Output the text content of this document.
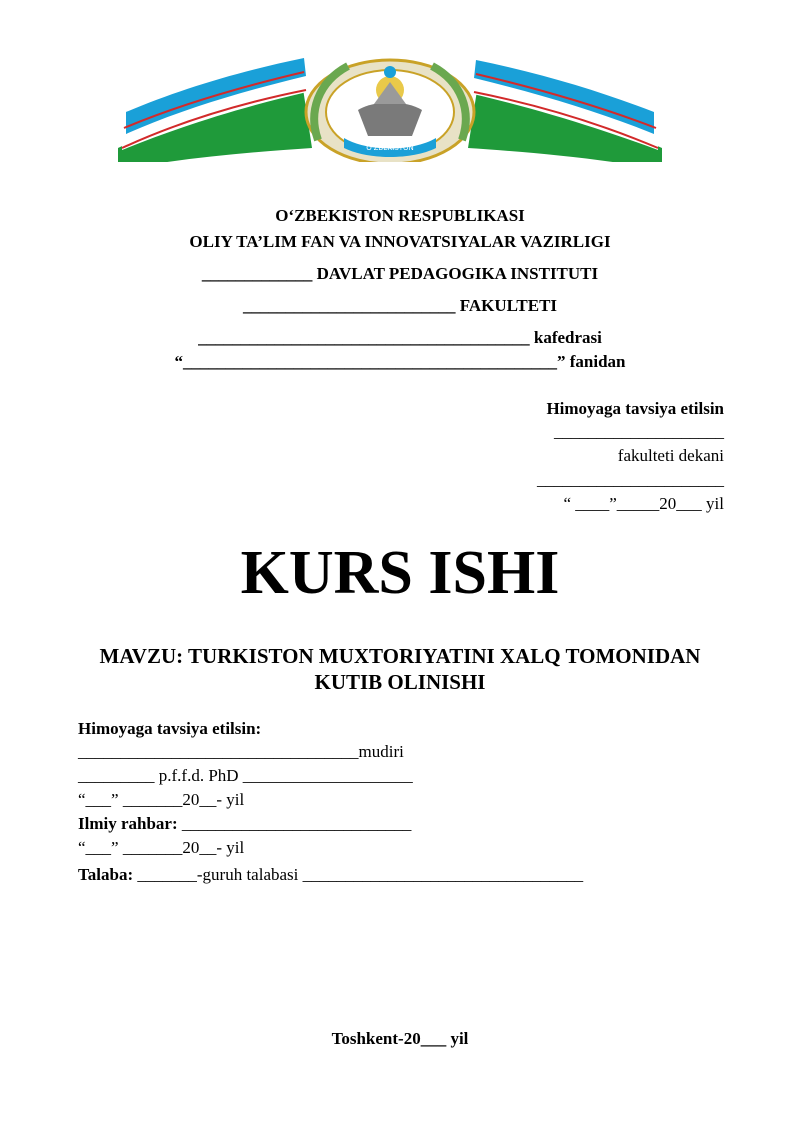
O'ZBEKISTON
O‘ZBEKISTON RESPUBLIKASI
OLIY TA’LIM FAN VA INNOVATSIYALAR VAZIRLIGI
_____________ DAVLAT PEDAGOGIKA INSTITUTI
_________________________ FAKULTETI
_______________________________________ kafedrasi
“____________________________________________” fanidan
Himoyaga tavsiya etilsin
____________________
fakulteti dekani
______________________
“ ____”_____20___ yil
KURS ISHI
MAVZU: TURKISTON MUXTORIYATINI XALQ TOMONIDAN
KUTIB OLINISHI
Himoyaga tavsiya etilsin:
_________________________________mudiri
_________ p.f.f.d. PhD ____________________
“___” _______20__- yil
Ilmiy rahbar: ___________________________
“___” _______20__- yil
Talaba: _______-guruh talabasi _________________________________
Toshkent-20___ yil
